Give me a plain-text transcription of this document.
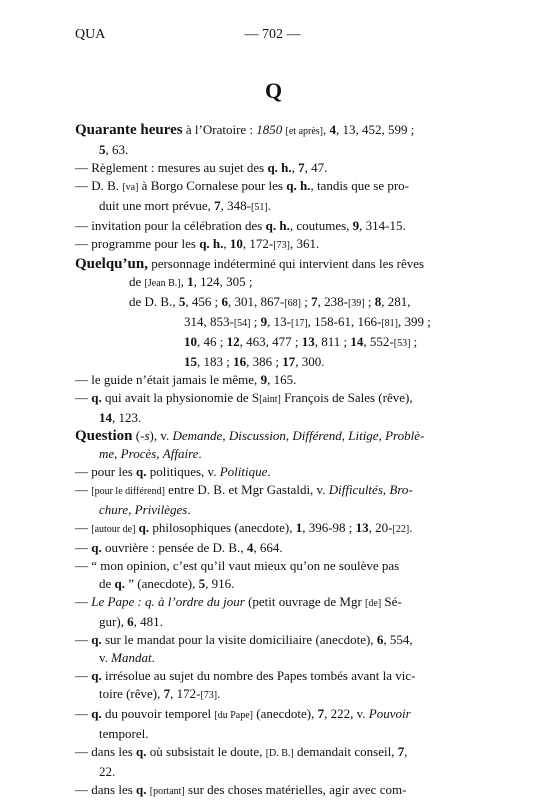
QUA	— 702 —
Q
Quarante heures à l’Oratoire : 1850 [et après], 4, 13, 452, 599 ;
5, 63.
— Règlement : mesures au sujet des q. h., 7, 47.
— D. B. [va] à Borgo Cornalese pour les q. h., tandis que se pro-
duit une mort prévue, 7, 348-[51].
— invitation pour la célébration des q. h., coutumes, 9, 314-15.
— programme pour les q. h., 10, 172-[73], 361.
Quelqu’un, personnage indéterminé qui intervient dans les rêves
de [Jean B.], 1, 124, 305 ;
de D. B., 5, 456 ; 6, 301, 867-[68] ; 7, 238-[39] ; 8, 281,
314, 853-[54] ; 9, 13-[17], 158-61, 166-[81], 399 ;
10, 46 ; 12, 463, 477 ; 13, 811 ; 14, 552-[53] ;
15, 183 ; 16, 386 ; 17, 300.
— le guide n’était jamais le même, 9, 165.
— q. qui avait la physionomie de S[aint] François de Sales (rêve),
14, 123.
Question (-s), v. Demande, Discussion, Différend, Litige, Problè-
me, Procès, Affaire.
— pour les q. politiques, v. Politique.
— [pour le différend] entre D. B. et Mgr Gastaldi, v. Difficultés, Bro-
chure, Privilèges.
— [autour de] q. philosophiques (anecdote), 1, 396-98 ; 13, 20-[22].
— q. ouvrière : pensée de D. B., 4, 664.
— “ mon opinion, c’est qu’il vaut mieux qu’on ne soulève pas
de q. ” (anecdote), 5, 916.
— Le Pape : q. à l’ordre du jour (petit ouvrage de Mgr [de] Sé-
gur), 6, 481.
— q. sur le mandat pour la visite domiciliaire (anecdote), 6, 554,
v. Mandat.
— q. irrésolue au sujet du nombre des Papes tombés avant la vic-
toire (rêve), 7, 172-[73].
— q. du pouvoir temporel [du Pape] (anecdote), 7, 222, v. Pouvoir
temporel.
— dans les q. où subsistait le doute, [D. B.] demandait conseil, 7,
22.
— dans les q. [portant] sur des choses matérielles, agir avec com-
